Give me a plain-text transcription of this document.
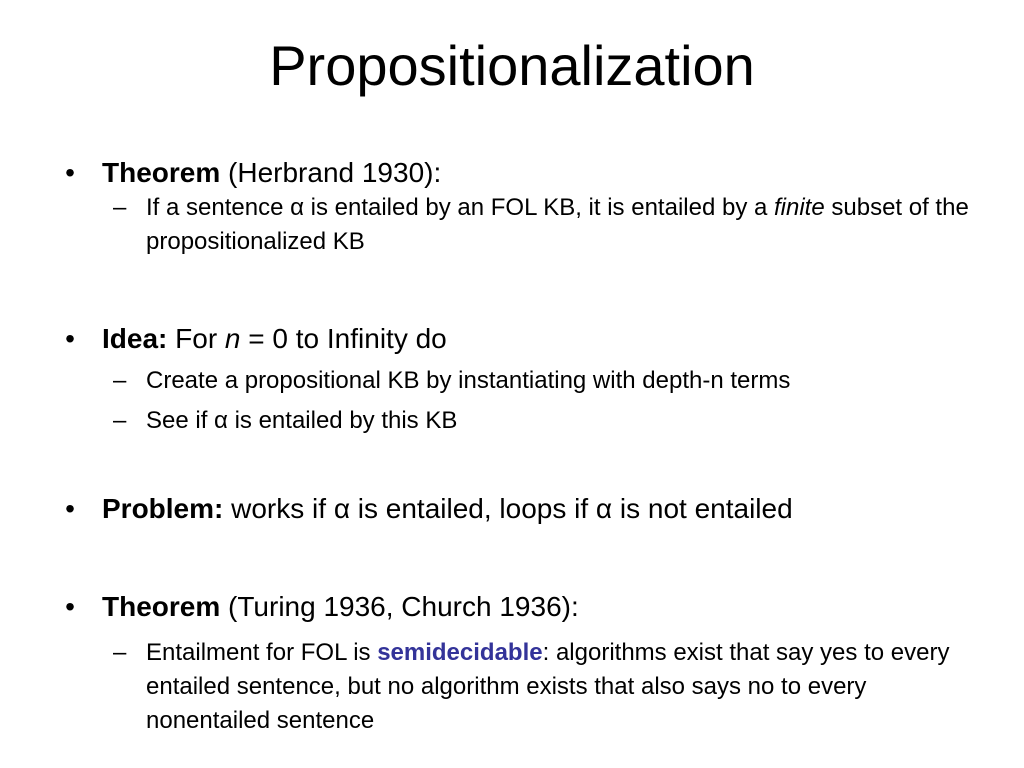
Propositionalization
• Theorem (Herbrand 1930):
– If a sentence α is entailed by an FOL KB, it is entailed by a finite subset of the propositionalized KB
• Idea: For n = 0 to Infinity do
– Create a propositional KB by instantiating with depth-n terms
– See if α is entailed by this KB
• Problem: works if α is entailed, loops if α is not entailed
• Theorem (Turing 1936, Church 1936):
– Entailment for FOL is semidecidable: algorithms exist that say yes to every entailed sentence, but no algorithm exists that also says no to every nonentailed sentence
